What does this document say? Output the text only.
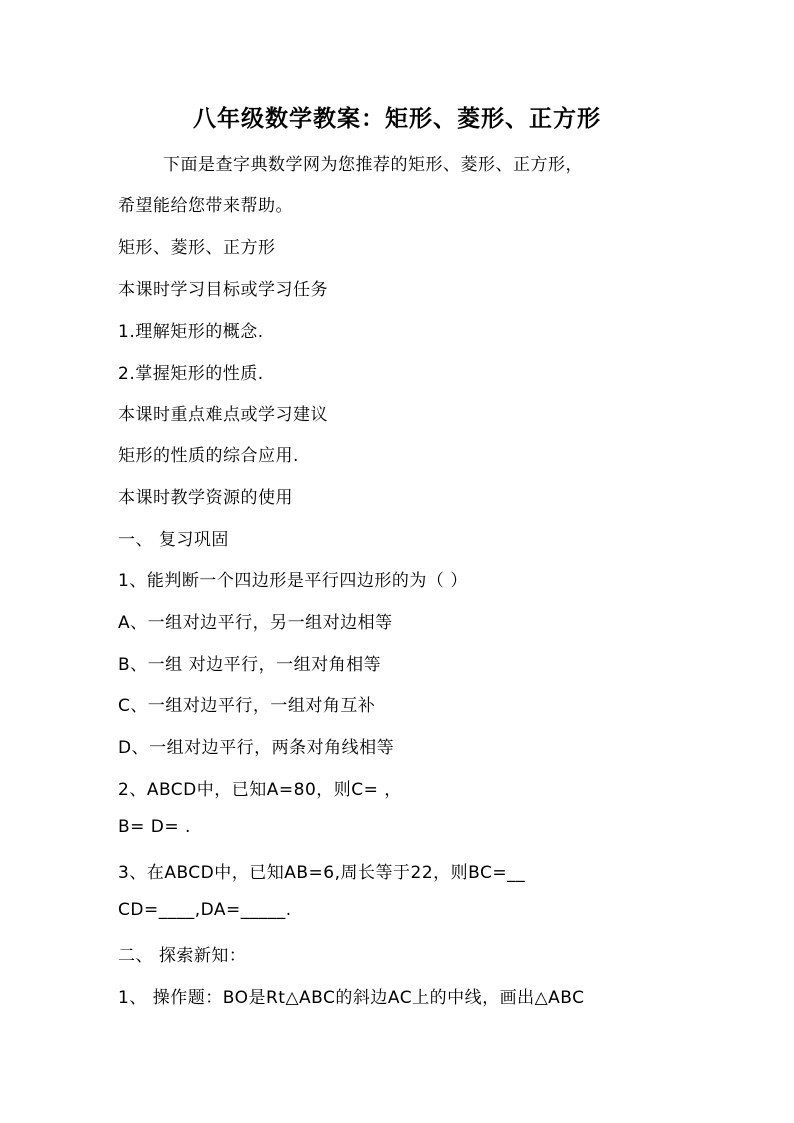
八年级数学教案：矩形、菱形、正方形
下面是查字典数学网为您推荐的矩形、菱形、正方形，
希望能给您带来帮助。
矩形、菱形、正方形
本课时学习目标或学习任务
1.理解矩形的概念.
2.掌握矩形的性质.
本课时重点难点或学习建议
矩形的性质的综合应用.
本课时教学资源的使用
一、 复习巩固
1、能判断一个四边形是平行四边形的为（ ）
A、一组对边平行，另一组对边相等
B、一组 对边平行，一组对角相等
C、一组对边平行，一组对角互补
D、一组对边平行，两条对角线相等
2、ABCD中，已知A=80，则C= ，
B= D= .
3、在ABCD中，已知AB=6,周长等于22，则BC=__
CD=____,DA=_____.
二、 探索新知：
1、 操作题：BO是Rt△ABC的斜边AC上的中线，画出△ABC
